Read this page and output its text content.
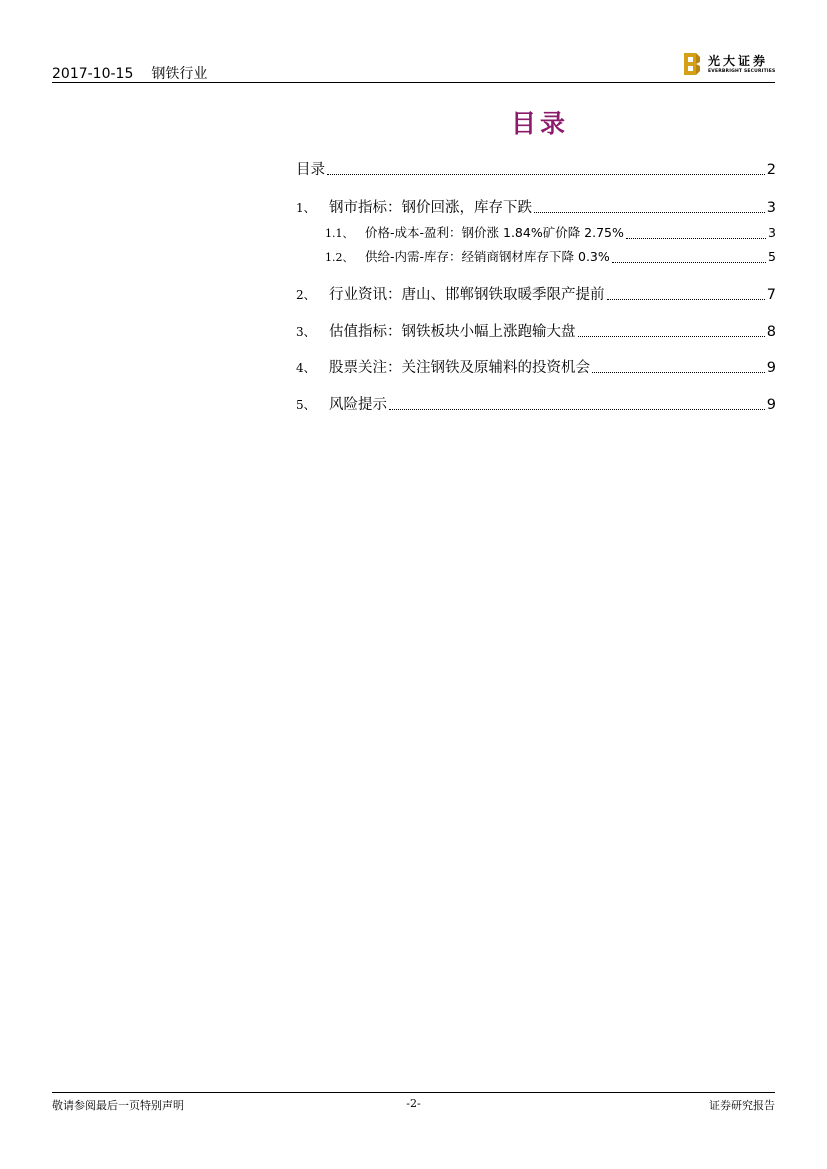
2017-10-15 钢铁行业
光大证券
EVERBRIGHT SECURITIES
目录
目录	2
1、 钢市指标：钢价回涨，库存下跌	3
1.1、 价格-成本-盈利：钢价涨 1.84%矿价降 2.75%	3
1.2、 供给-内需-库存：经销商钢材库存下降 0.3%	5
2、 行业资讯：唐山、邯郸钢铁取暖季限产提前	7
3、 估值指标：钢铁板块小幅上涨跑输大盘	8
4、 股票关注：关注钢铁及原辅料的投资机会	9
5、 风险提示	9
敬请参阅最后一页特别声明	-2-	证券研究报告
